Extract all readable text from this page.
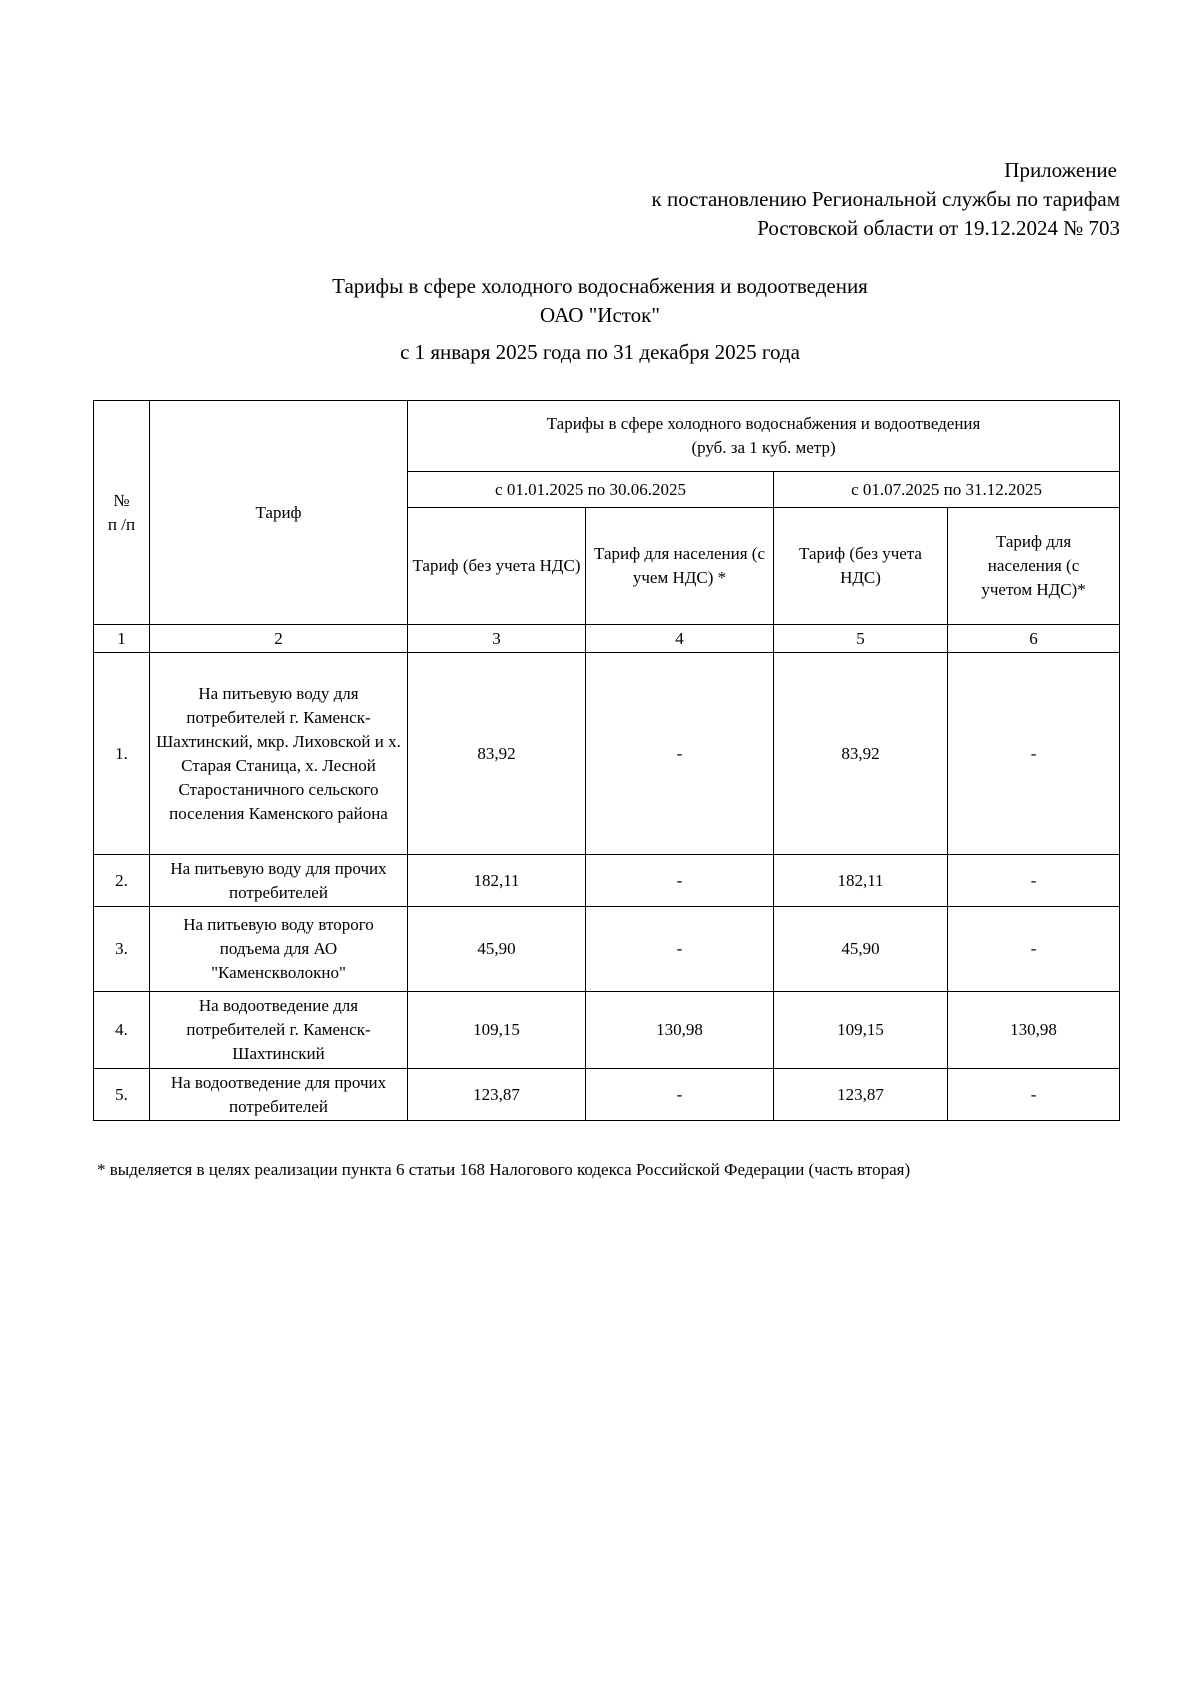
Приложение
к постановлению Региональной службы по тарифам
Ростовской области от 19.12.2024 № 703
Тарифы в сфере холодного водоснабжения и водоотведения
ОАО "Исток"
с 1 января 2025 года по 31 декабря 2025 года
№
п /п	Тариф	Тарифы в сфере холодного водоснабжения и водоотведения
(руб. за 1 куб. метр)			
		с 01.01.2025 по 30.06.2025		с 01.07.2025 по 31.12.2025	
		Тариф (без учета НДС)	Тариф для населения (с учем НДС) *	Тариф (без учета НДС)	Тариф для населения (с учетом НДС)*
1	2	3	4	5	6
1.	На питьевую воду для потребителей г. Каменск-Шахтинский, мкр. Лиховской и х. Старая Станица, х. Лесной Старостаничного сельского поселения Каменского района	83,92	-	83,92	-
2.	На питьевую воду для прочих потребителей	182,11	-	182,11	-
3.	На питьевую воду второго подъема для АО "Каменскволокно"	45,90	-	45,90	-
4.	На водоотведение для потребителей г. Каменск-Шахтинский	109,15	130,98	109,15	130,98
5.	На водоотведение для прочих потребителей	123,87	-	123,87	-
* выделяется в целях реализации пункта 6 статьи 168 Налогового кодекса Российской Федерации (часть вторая)
